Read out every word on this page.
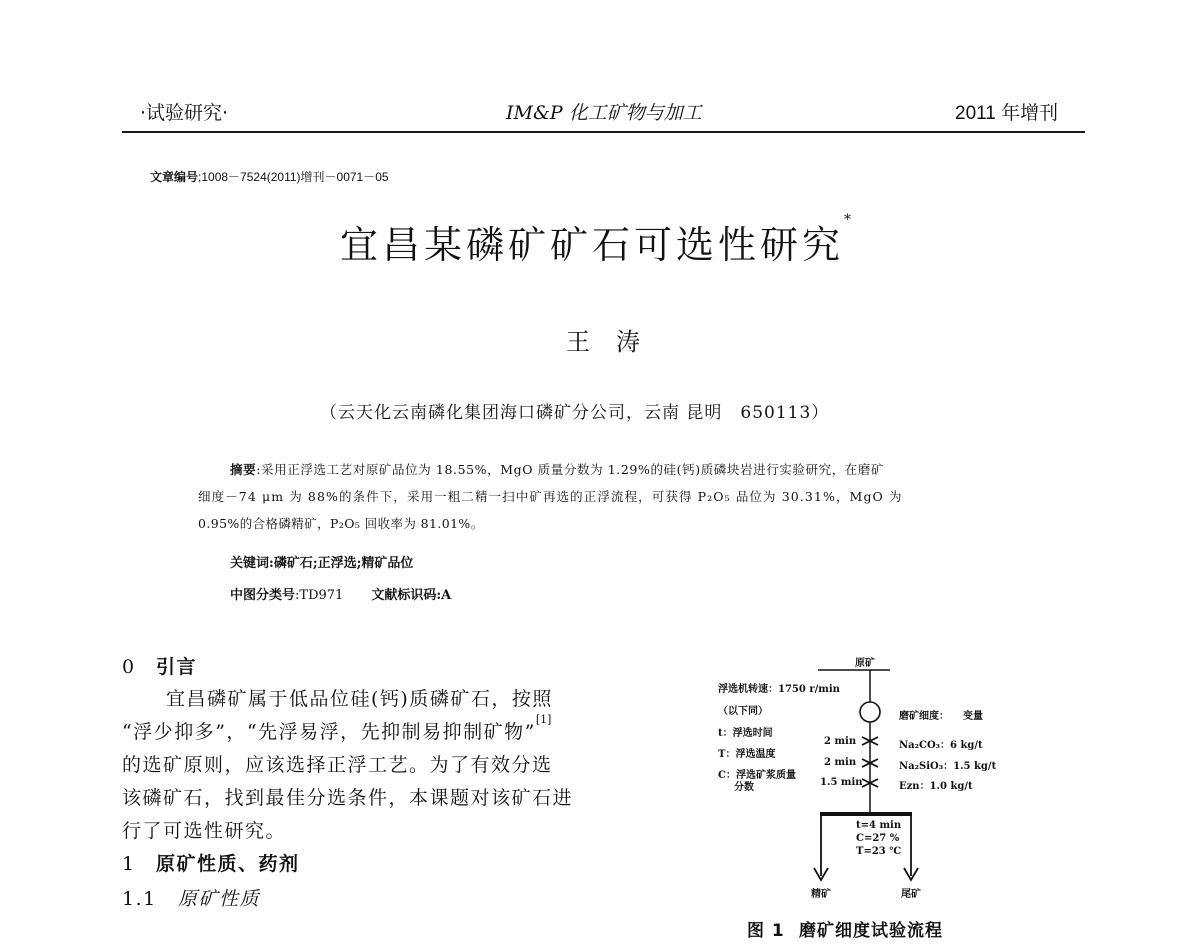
·试验研究·	IM&P 化工矿物与加工	2011 年增刊
文章编号;1008－7524(2011)增刊－0071－05
宜昌某磷矿矿石可选性研究*
王涛
（云天化云南磷化集团海口磷矿分公司，云南 昆明　650113）
摘要:采用正浮选工艺对原矿品位为 18.55%，MgO 质量分数为 1.29%的硅(钙)质磷块岩进行实验研究，在磨矿
细度－74 μm 为 88%的条件下，采用一粗二精一扫中矿再选的正浮流程，可获得 P₂O₅ 品位为 30.31%，MgO 为
0.95%的合格磷精矿，P₂O₅ 回收率为 81.01%。
关键词:磷矿石;正浮选;精矿品位
中图分类号:TD971 文献标识码:A
0 引言
宜昌磷矿属于低品位硅(钙)质磷矿石，按照
“浮少抑多”，“先浮易浮，先抑制易抑制矿物”[1]
的选矿原则，应该选择正浮工艺。为了有效分选
该磷矿石，找到最佳分选条件，本课题对该矿石进
行了可选性研究。
1 原矿性质、药剂
1.1 原矿性质
原矿
浮选机转速：1750 r/min
（以下同）
t：浮选时间
T：浮选温度
C：浮选矿浆质量
分数
磨矿细度： 变量
2 min
2 min
1.5 min
Na₂CO₃：6 kg/t
Na₂SiO₃：1.5 kg/t
Ezn：1.0 kg/t
t=4 min
C=27 %
T=23 ℃
精矿	尾矿
图 1 磨矿细度试验流程
